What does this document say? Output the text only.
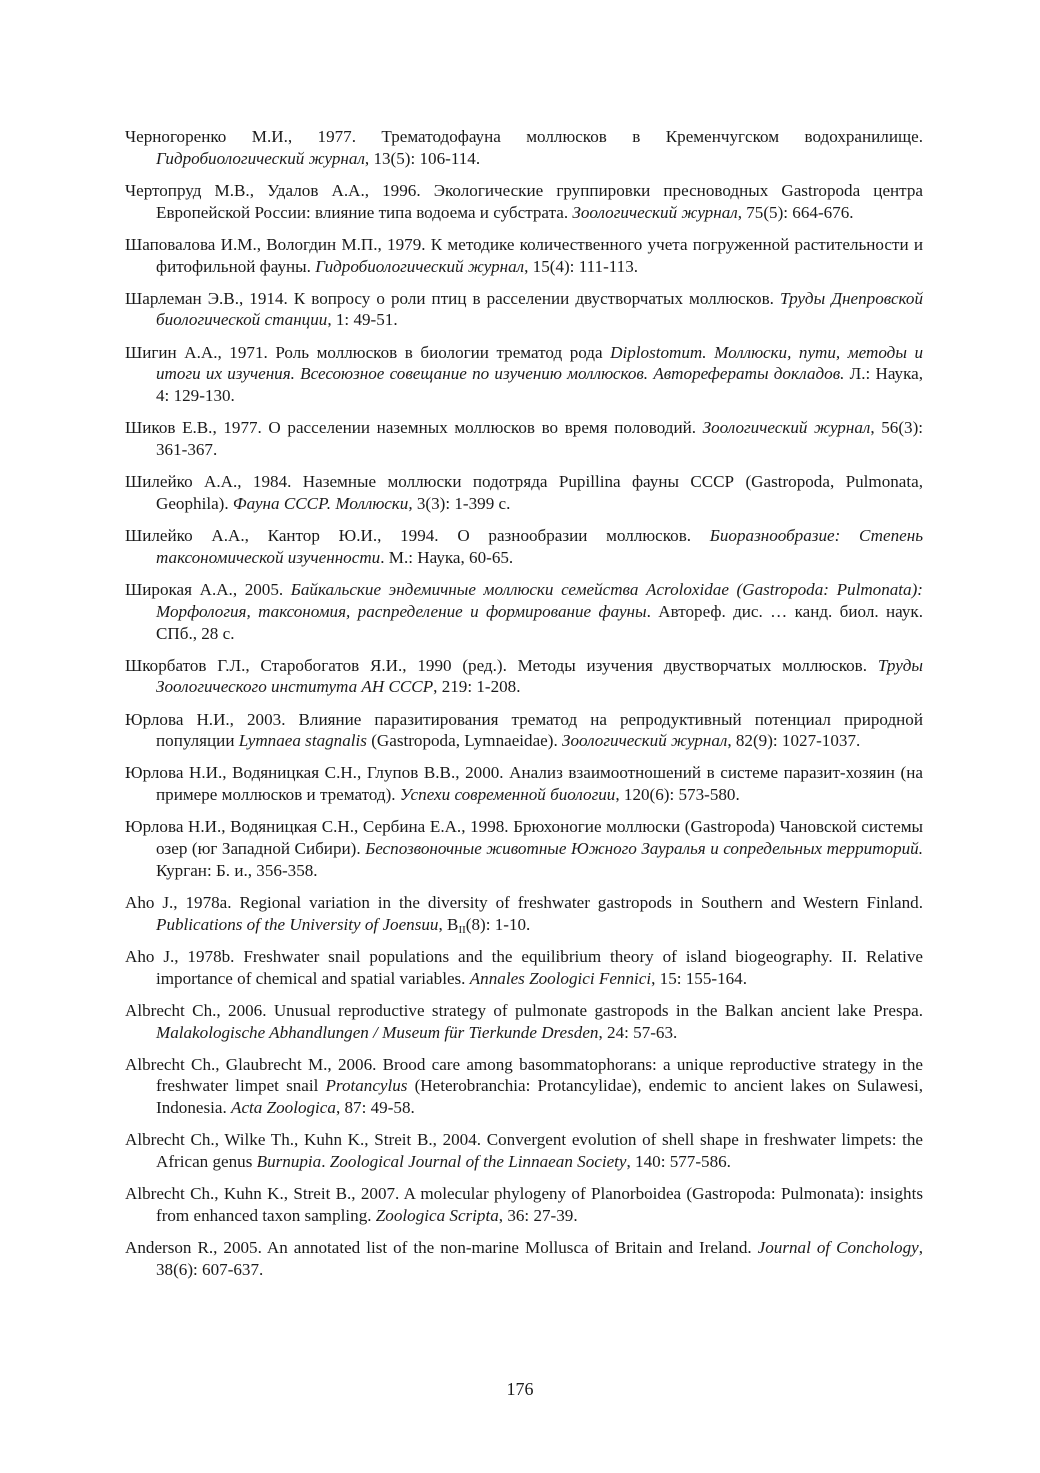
Черногоренко М.И., 1977. Трематодофауна моллюсков в Кременчугском водохранилище. Гидробиологический журнал, 13(5): 106-114.

Чертопруд М.В., Удалов А.А., 1996. Экологические группировки пресноводных Gastropoda центра Европейской России: влияние типа водоема и субстрата. Зоологический журнал, 75(5): 664-676.

Шаповалова И.М., Вологдин М.П., 1979. К методике количественного учета погруженной растительности и фитофильной фауны. Гидробиологический журнал, 15(4): 111-113.

Шарлеман Э.В., 1914. К вопросу о роли птиц в расселении двустворчатых моллюсков. Труды Днепровской биологической станции, 1: 49-51.

Шигин А.А., 1971. Роль моллюсков в биологии трематод рода Diplostomum. Моллюски, пути, методы и итоги их изучения. Всесоюзное совещание по изучению моллюсков. Авторефераты докладов. Л.: Наука, 4: 129-130.

Шиков Е.В., 1977. О расселении наземных моллюсков во время половодий. Зоологический журнал, 56(3): 361-367.

Шилейко А.А., 1984. Наземные моллюски подотряда Pupillina фауны СССР (Gastropoda, Pulmonata, Geophila). Фауна СССР. Моллюски, 3(3): 1-399 с.

Шилейко А.А., Кантор Ю.И., 1994. О разнообразии моллюсков. Биоразнообразие: Степень таксономической изученности. М.: Наука, 60-65.

Широкая А.А., 2005. Байкальские эндемичные моллюски семейства Acroloxidae (Gastropoda: Pulmonata): Морфология, таксономия, распределение и формирование фауны. Автореф. дис. … канд. биол. наук. СПб., 28 с.

Шкорбатов Г.Л., Старобогатов Я.И., 1990 (ред.). Методы изучения двустворчатых моллюсков. Труды Зоологического института АН СССР, 219: 1-208.

Юрлова Н.И., 2003. Влияние паразитирования трематод на репродуктивный потенциал природной популяции Lymnaea stagnalis (Gastropoda, Lymnaeidae). Зоологический журнал, 82(9): 1027-1037.

Юрлова Н.И., Водяницкая С.Н., Глупов В.В., 2000. Анализ взаимоотношений в системе паразит-хозяин (на примере моллюсков и трематод). Успехи современной биологии, 120(6): 573-580.

Юрлова Н.И., Водяницкая С.Н., Сербина Е.А., 1998. Брюхоногие моллюски (Gastropoda) Чановской системы озер (юг Западной Сибири). Беспозвоночные животные Южного Зауралья и сопредельных территорий. Курган: Б. и., 356-358.

Aho J., 1978a. Regional variation in the diversity of freshwater gastropods in Southern and Western Finland. Publications of the University of Joensuu, $B_{II}(8)$: 1-10.

Aho J., 1978b. Freshwater snail populations and the equilibrium theory of island biogeography. II. Relative importance of chemical and spatial variables. Annales Zoologici Fennici, 15: 155-164.

Albrecht Ch., 2006. Unusual reproductive strategy of pulmonate gastropods in the Balkan ancient lake Prespa. Malakologische Abhandlungen / Museum für Tierkunde Dresden, 24: 57-63.

Albrecht Ch., Glaubrecht M., 2006. Brood care among basommatophorans: a unique reproductive strategy in the freshwater limpet snail Protancylus (Heterobranchia: Protancylidae), endemic to ancient lakes on Sulawesi, Indonesia. Acta Zoologica, 87: 49-58.

Albrecht Ch., Wilke Th., Kuhn K., Streit B., 2004. Convergent evolution of shell shape in freshwater limpets: the African genus Burnupia. Zoological Journal of the Linnaean Society, 140: 577-586.

Albrecht Ch., Kuhn K., Streit B., 2007. A molecular phylogeny of Planorboidea (Gastropoda: Pulmonata): insights from enhanced taxon sampling. Zoologica Scripta, 36: 27-39.

Anderson R., 2005. An annotated list of the non-marine Mollusca of Britain and Ireland. Journal of Conchology, 38(6): 607-637.

176
